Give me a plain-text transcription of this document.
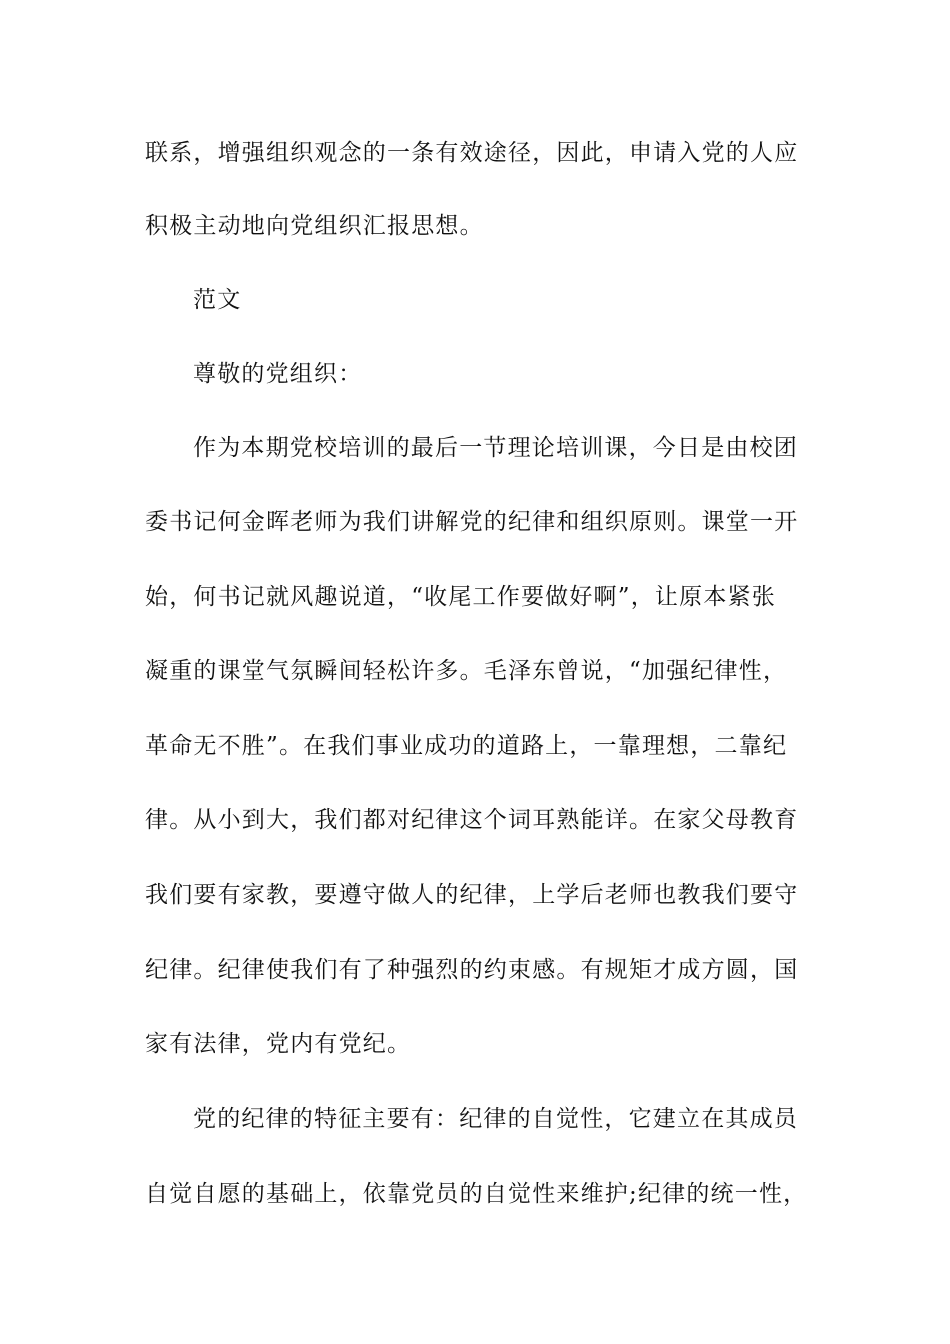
联系，增强组织观念的一条有效途径，因此，申请入党的人应
积极主动地向党组织汇报思想。
范文
尊敬的党组织：
作为本期党校培训的最后一节理论培训课，今日是由校团
委书记何金晖老师为我们讲解党的纪律和组织原则。课堂一开
始，何书记就风趣说道，“收尾工作要做好啊”，让原本紧张
凝重的课堂气氛瞬间轻松许多。毛泽东曾说，“加强纪律性，
革命无不胜”。在我们事业成功的道路上，一靠理想，二靠纪
律。从小到大，我们都对纪律这个词耳熟能详。在家父母教育
我们要有家教，要遵守做人的纪律，上学后老师也教我们要守
纪律。纪律使我们有了种强烈的约束感。有规矩才成方圆，国
家有法律，党内有党纪。
党的纪律的特征主要有：纪律的自觉性，它建立在其成员
自觉自愿的基础上，依靠党员的自觉性来维护;纪律的统一性，
